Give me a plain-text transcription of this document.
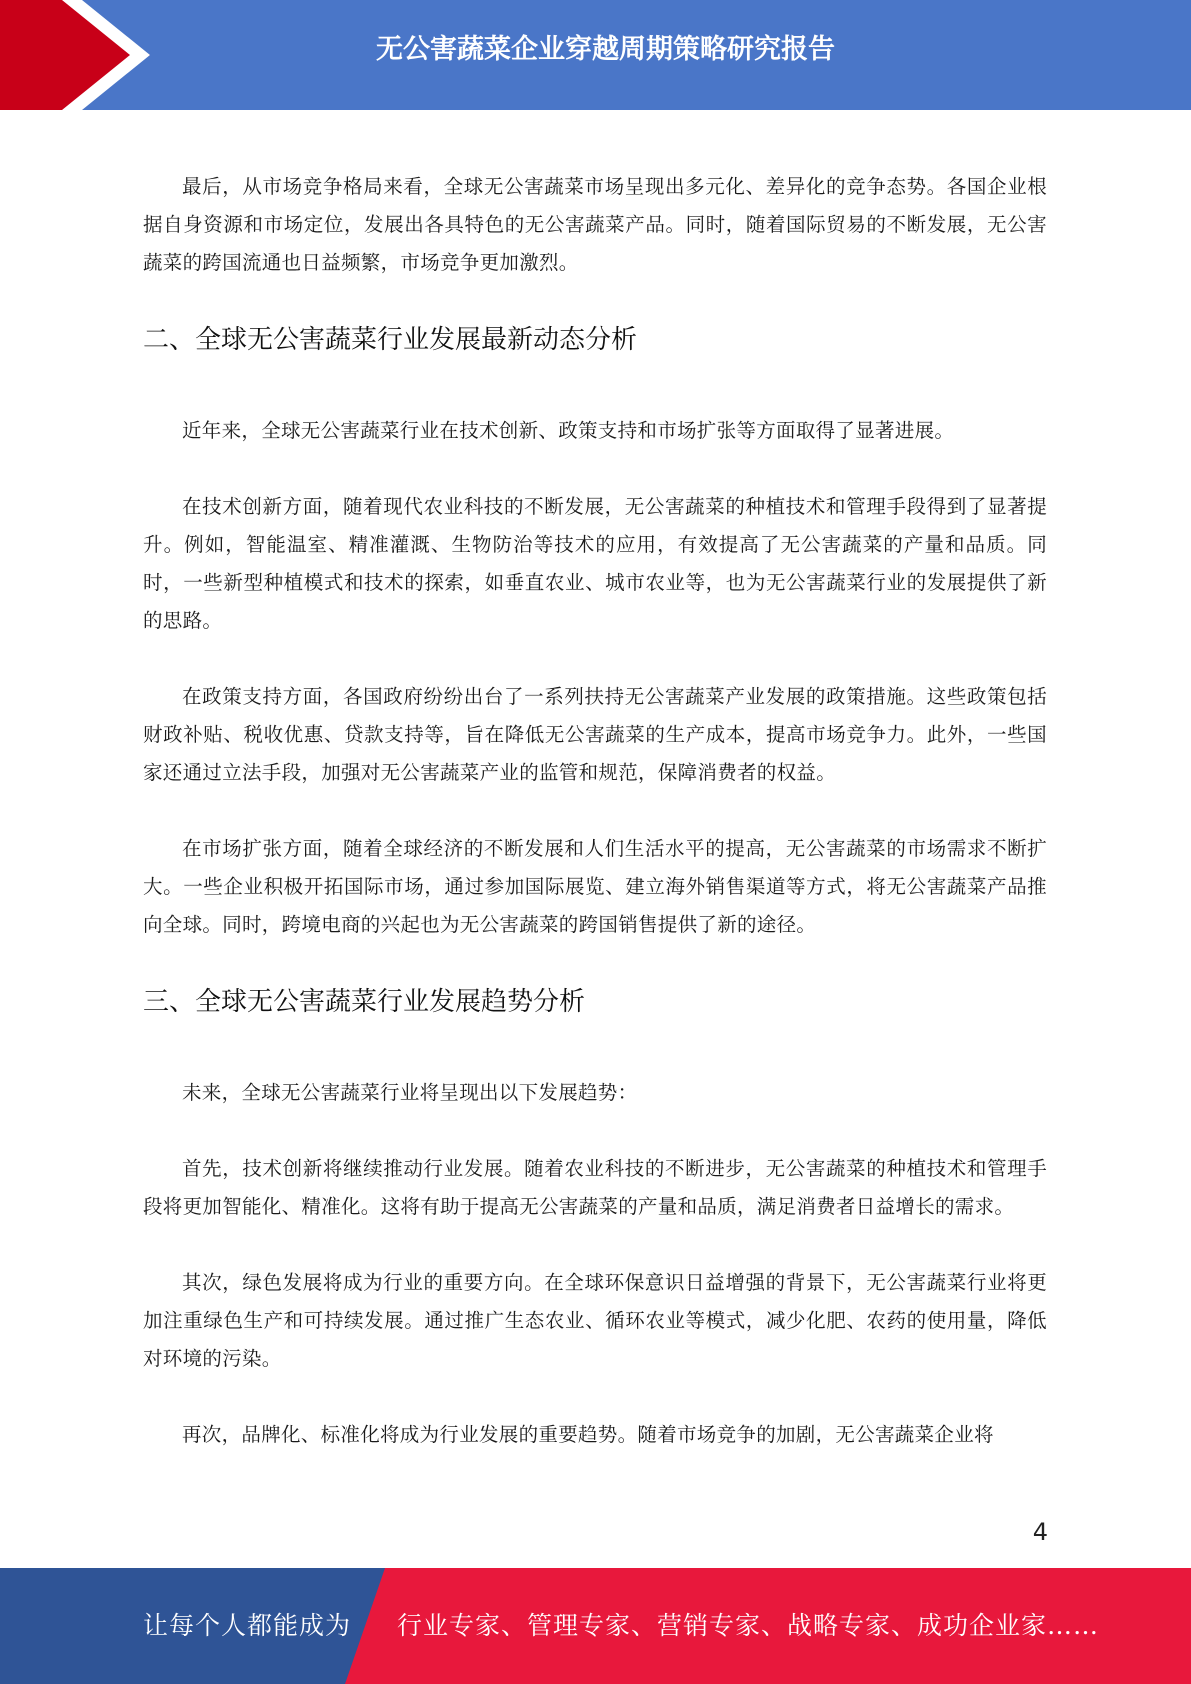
无公害蔬菜企业穿越周期策略研究报告

最后，从市场竞争格局来看，全球无公害蔬菜市场呈现出多元化、差异化的竞争态势。各国企业根据自身资源和市场定位，发展出各具特色的无公害蔬菜产品。同时，随着国际贸易的不断发展，无公害蔬菜的跨国流通也日益频繁，市场竞争更加激烈。

二、全球无公害蔬菜行业发展最新动态分析

近年来，全球无公害蔬菜行业在技术创新、政策支持和市场扩张等方面取得了显著进展。

在技术创新方面，随着现代农业科技的不断发展，无公害蔬菜的种植技术和管理手段得到了显著提升。例如，智能温室、精准灌溉、生物防治等技术的应用，有效提高了无公害蔬菜的产量和品质。同时，一些新型种植模式和技术的探索，如垂直农业、城市农业等，也为无公害蔬菜行业的发展提供了新的思路。

在政策支持方面，各国政府纷纷出台了一系列扶持无公害蔬菜产业发展的政策措施。这些政策包括财政补贴、税收优惠、贷款支持等，旨在降低无公害蔬菜的生产成本，提高市场竞争力。此外，一些国家还通过立法手段，加强对无公害蔬菜产业的监管和规范，保障消费者的权益。

在市场扩张方面，随着全球经济的不断发展和人们生活水平的提高，无公害蔬菜的市场需求不断扩大。一些企业积极开拓国际市场，通过参加国际展览、建立海外销售渠道等方式，将无公害蔬菜产品推向全球。同时，跨境电商的兴起也为无公害蔬菜的跨国销售提供了新的途径。

三、全球无公害蔬菜行业发展趋势分析

未来，全球无公害蔬菜行业将呈现出以下发展趋势：

首先，技术创新将继续推动行业发展。随着农业科技的不断进步，无公害蔬菜的种植技术和管理手段将更加智能化、精准化。这将有助于提高无公害蔬菜的产量和品质，满足消费者日益增长的需求。

其次，绿色发展将成为行业的重要方向。在全球环保意识日益增强的背景下，无公害蔬菜行业将更加注重绿色生产和可持续发展。通过推广生态农业、循环农业等模式，减少化肥、农药的使用量，降低对环境的污染。

再次，品牌化、标准化将成为行业发展的重要趋势。随着市场竞争的加剧，无公害蔬菜企业将

4
让每个人都能成为 行业专家、管理专家、营销专家、战略专家、成功企业家……
